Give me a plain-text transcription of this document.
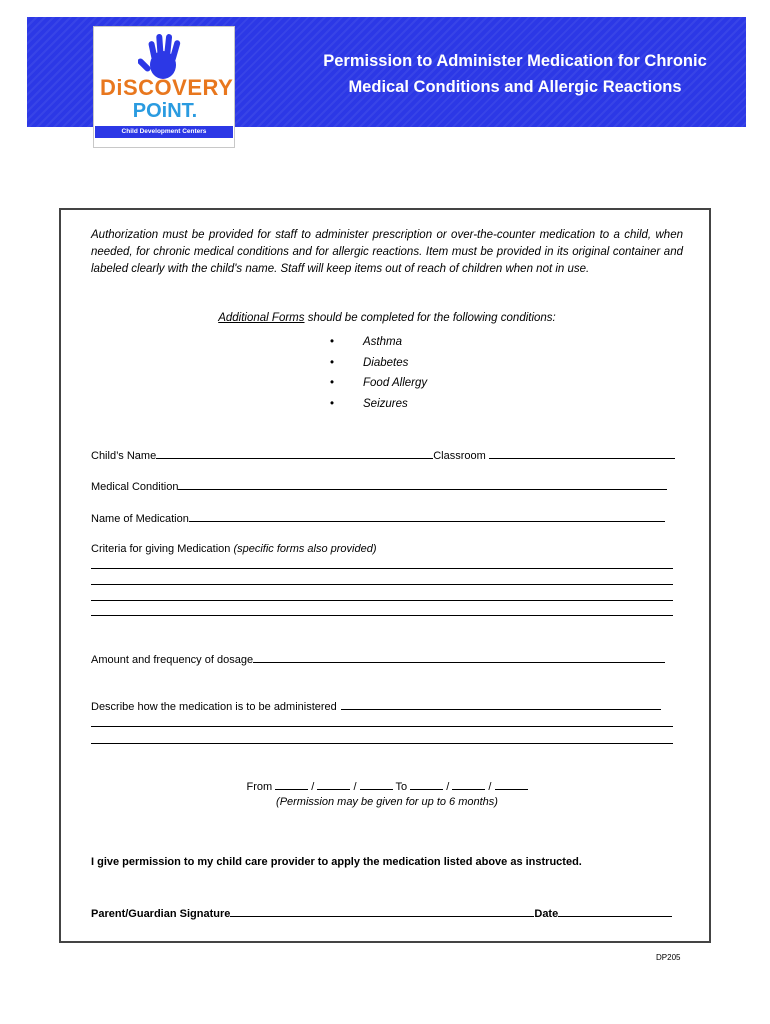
DiSCOVERY
POiNT.
Child Development Centers
Permission to Administer Medication for Chronic
Medical Conditions and Allergic Reactions

Authorization must be provided for staff to administer prescription or over-the-counter medication to a child, when needed, for chronic medical conditions and for allergic reactions. Item must be provided in its original container and labeled clearly with the child's name. Staff will keep items out of reach of children when not in use.

Additional Forms should be completed for the following conditions:
•	Asthma
•	Diabetes
•	Food Allergy
•	Seizures
Child’s Name	Classroom
Medical Condition
Name of Medication
Criteria for giving Medication (specific forms also provided)
Amount and frequency of dosage
Describe how the medication is to be administered
From	/	/	To	/	/
(Permission may be given for up to 6 months)
I give permission to my child care provider to apply the medication listed above as instructed.
Parent/Guardian Signature	Date
DP205
